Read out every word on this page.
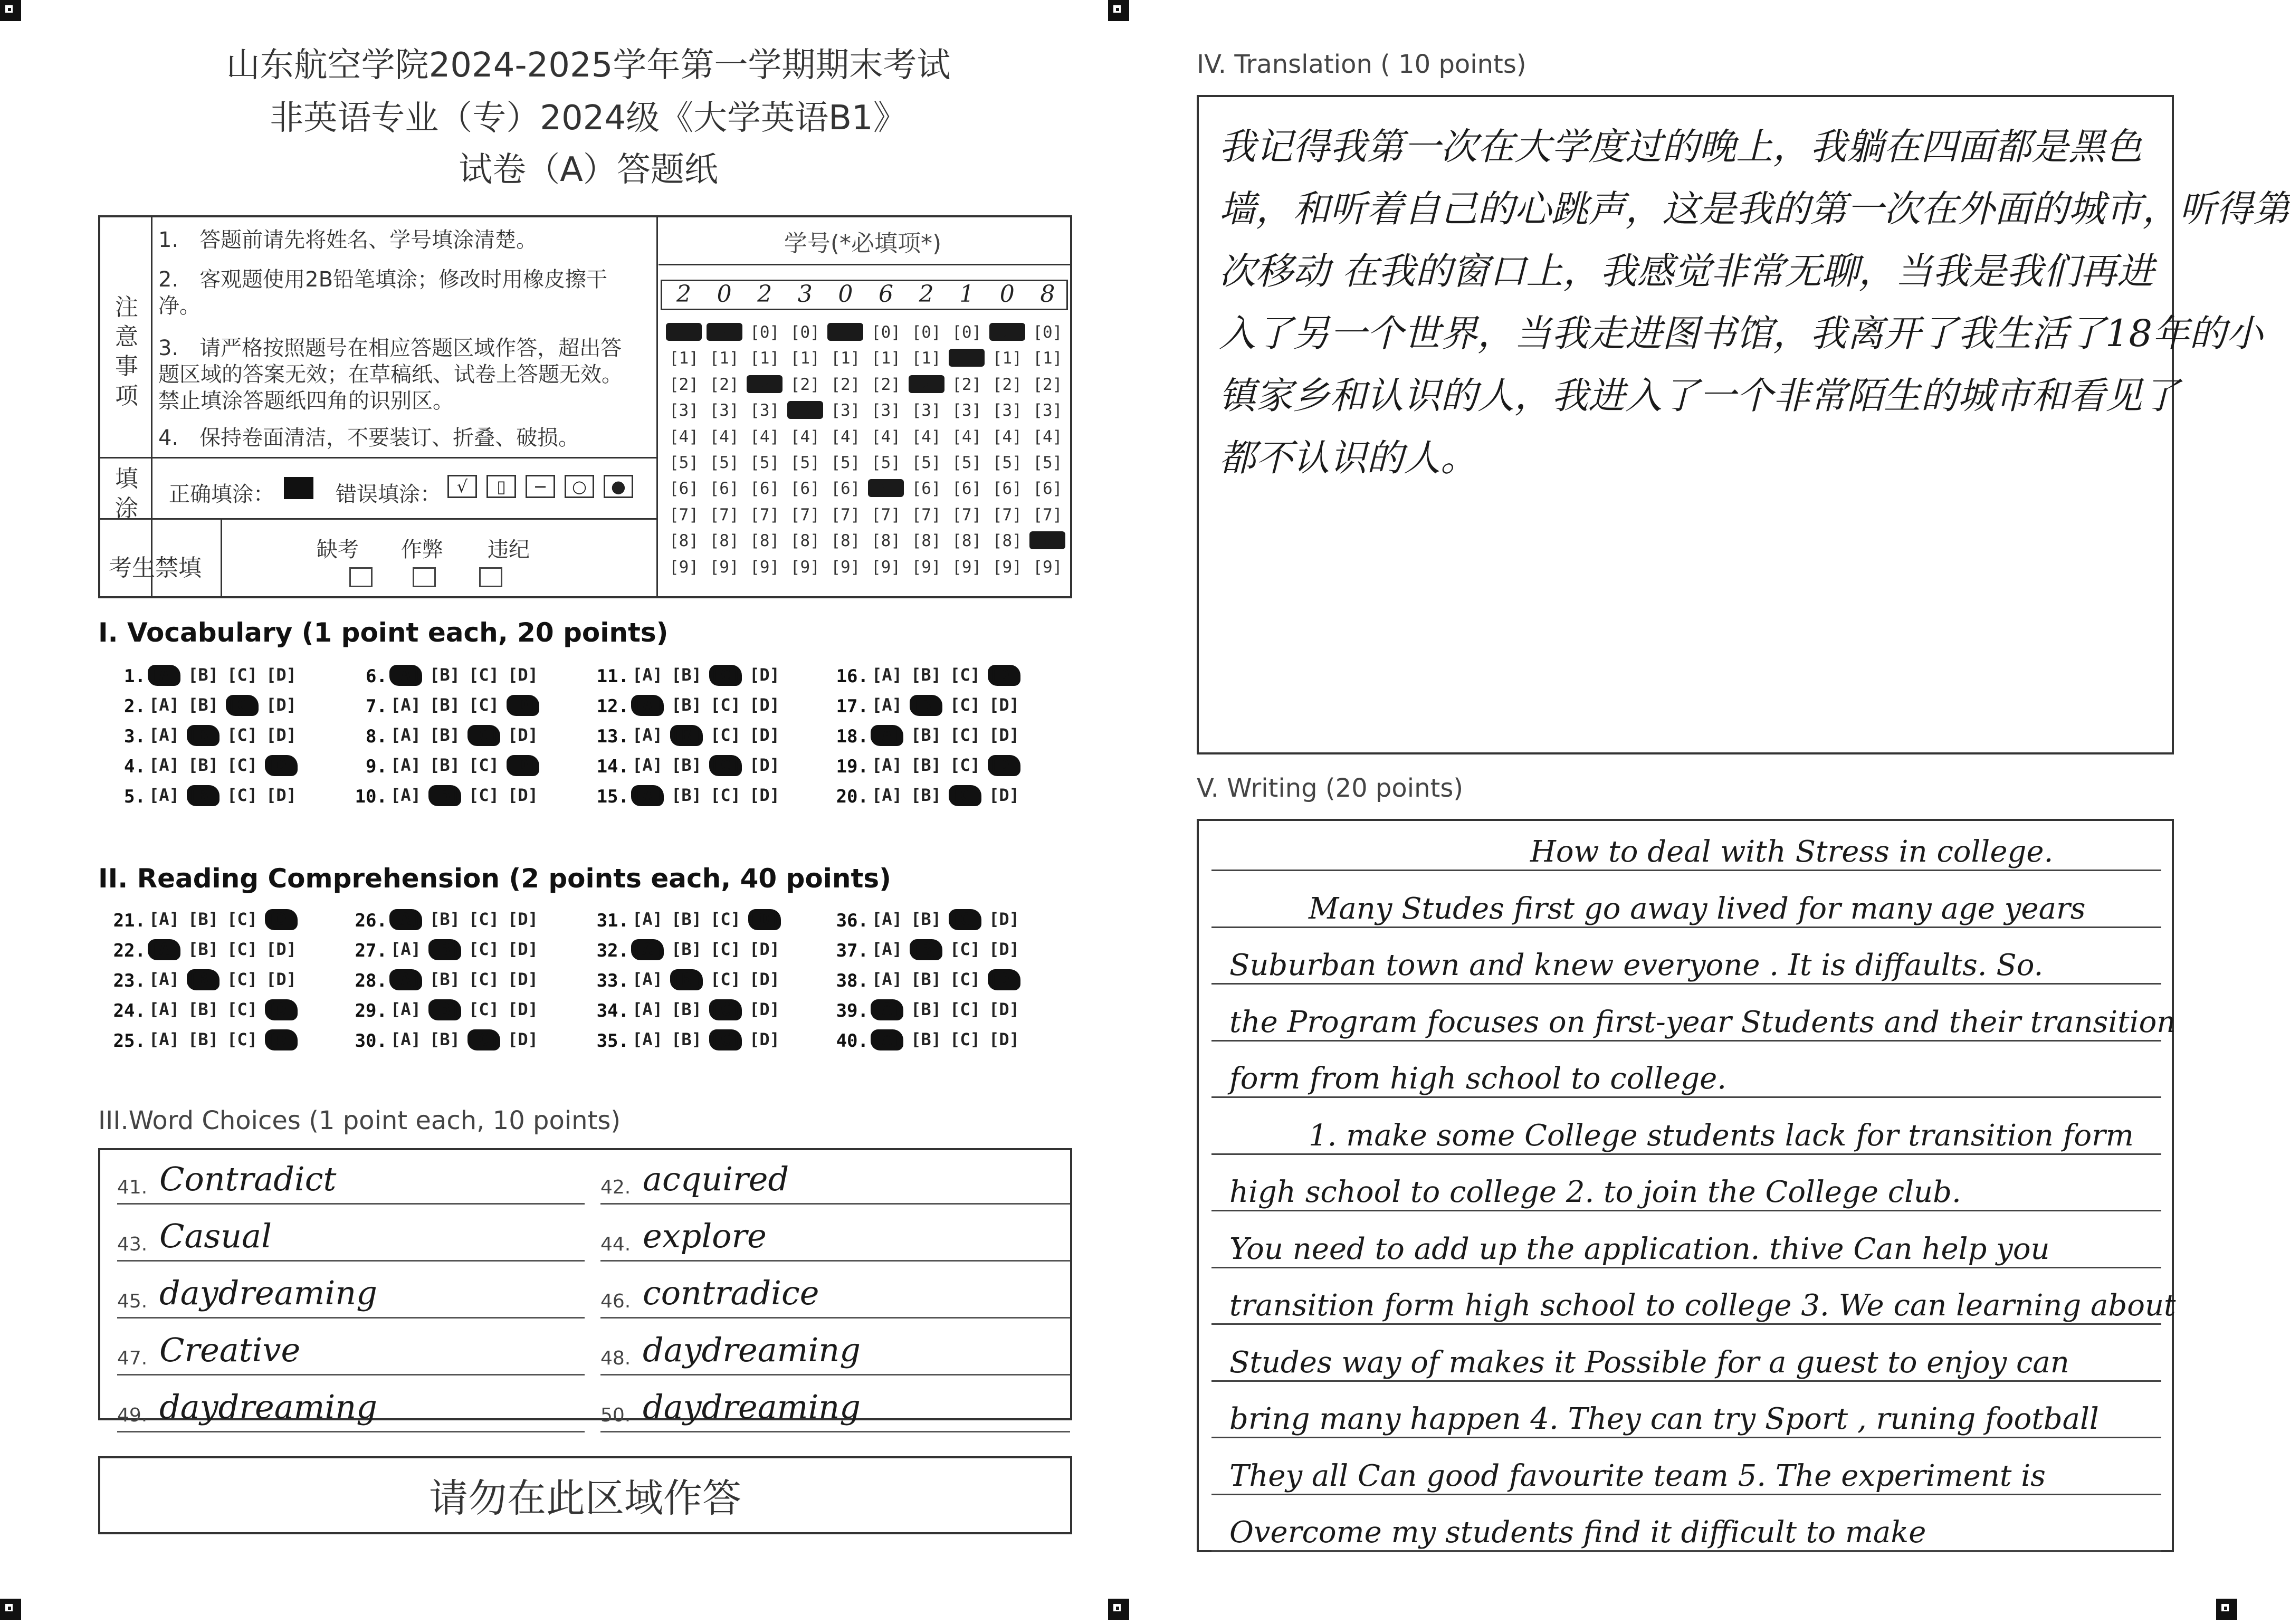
山东航空学院2024-2025学年第一学期期末考试
非英语专业（专）2024级《大学英语B1》
试卷（A）答题纸
注意事项
1.　答题前请先将姓名、学号填涂清楚。
2.　客观题使用2B铅笔填涂；修改时用橡皮擦干净。
3.　请严格按照题号在相应答题区域作答，超出答题区域的答案无效；在草稿纸、试卷上答题无效。禁止填涂答题纸四角的识别区。
4.　保持卷面清洁，不要装订、折叠、破损。
填涂
正确填涂：	错误填涂： √	▯	−	○	●
考生禁填
缺考 作弊 违纪
学号(*必填项*)
2	0	2	3	0	6	2	1	0	8
[0] [0] [0] [0] [0] [0] [0] [0] [0] [0]
[1] [1] [1] [1] [1] [1] [1] [1] [1] [1]
[2] [2] [2] [2] [2] [2] [2] [2] [2] [2]
[3] [3] [3] [3] [3] [3] [3] [3] [3] [3]
[4] [4] [4] [4] [4] [4] [4] [4] [4] [4]
[5] [5] [5] [5] [5] [5] [5] [5] [5] [5]
[6] [6] [6] [6] [6] [6] [6] [6] [6] [6]
[7] [7] [7] [7] [7] [7] [7] [7] [7] [7]
[8] [8] [8] [8] [8] [8] [8] [8] [8] [8]
[9] [9] [9] [9] [9] [9] [9] [9] [9] [9]
I. Vocabulary (1 point each, 20 points)
1. [A] [B] [C] [D]
2. [A] [B] [C] [D]
3. [A] [B] [C] [D]
4. [A] [B] [C] [D]
5. [A] [B] [C] [D]
6. [A] [B] [C] [D]
7. [A] [B] [C] [D]
8. [A] [B] [C] [D]
9. [A] [B] [C] [D]
10. [A] [B] [C] [D]
11. [A] [B] [C] [D]
12. [A] [B] [C] [D]
13. [A] [B] [C] [D]
14. [A] [B] [C] [D]
15. [A] [B] [C] [D]
16. [A] [B] [C] [D]
17. [A] [B] [C] [D]
18. [A] [B] [C] [D]
19. [A] [B] [C] [D]
20. [A] [B] [C] [D]
II. Reading Comprehension (2 points each, 40 points)
21. [A] [B] [C] [D]
22. [A] [B] [C] [D]
23. [A] [B] [C] [D]
24. [A] [B] [C] [D]
25. [A] [B] [C] [D]
26. [A] [B] [C] [D]
27. [A] [B] [C] [D]
28. [A] [B] [C] [D]
29. [A] [B] [C] [D]
30. [A] [B] [C] [D]
31. [A] [B] [C] [D]
32. [A] [B] [C] [D]
33. [A] [B] [C] [D]
34. [A] [B] [C] [D]
35. [A] [B] [C] [D]
36. [A] [B] [C] [D]
37. [A] [B] [C] [D]
38. [A] [B] [C] [D]
39. [A] [B] [C] [D]
40. [A] [B] [C] [D]
III.Word Choices (1 point each, 10 points)
41. Contradict	42. acquired
43. Casual	44. explore
45. daydreaming	46. contradice
47. Creative	48. daydreaming
49. daydreaming	50. daydreaming
请勿在此区域作答
IV. Translation ( 10 points)
我记得我第一次在大学度过的晚上，我躺在四面都是黑色
墙，和听着自己的心跳声，这是我的第一次在外面的城市，听得第
次移动 在我的窗口上，我感觉非常无聊，当我是我们再进
入了另一个世界，当我走进图书馆，我离开了我生活了18年的小
镇家乡和认识的人，我进入了一个非常陌生的城市和看见了
都不认识的人。
V. Writing (20 points)
How to deal with Stress in college.
Many Studes first go away lived for many age years
Suburban town and knew everyone . It is diffaults. So.
the Program focuses on first-year Students and their transition
form from high school to college.
1. make some College students lack for transition form
high school to college 2. to join the College club.
You need to add up the application. thive Can help you
transition form high school to college 3. We can learning about
Studes way of makes it Possible for a guest to enjoy can
bring many happen 4. They can try Sport , runing football
They all Can good favourite team 5. The experiment is
Overcome my students find it difficult to make
